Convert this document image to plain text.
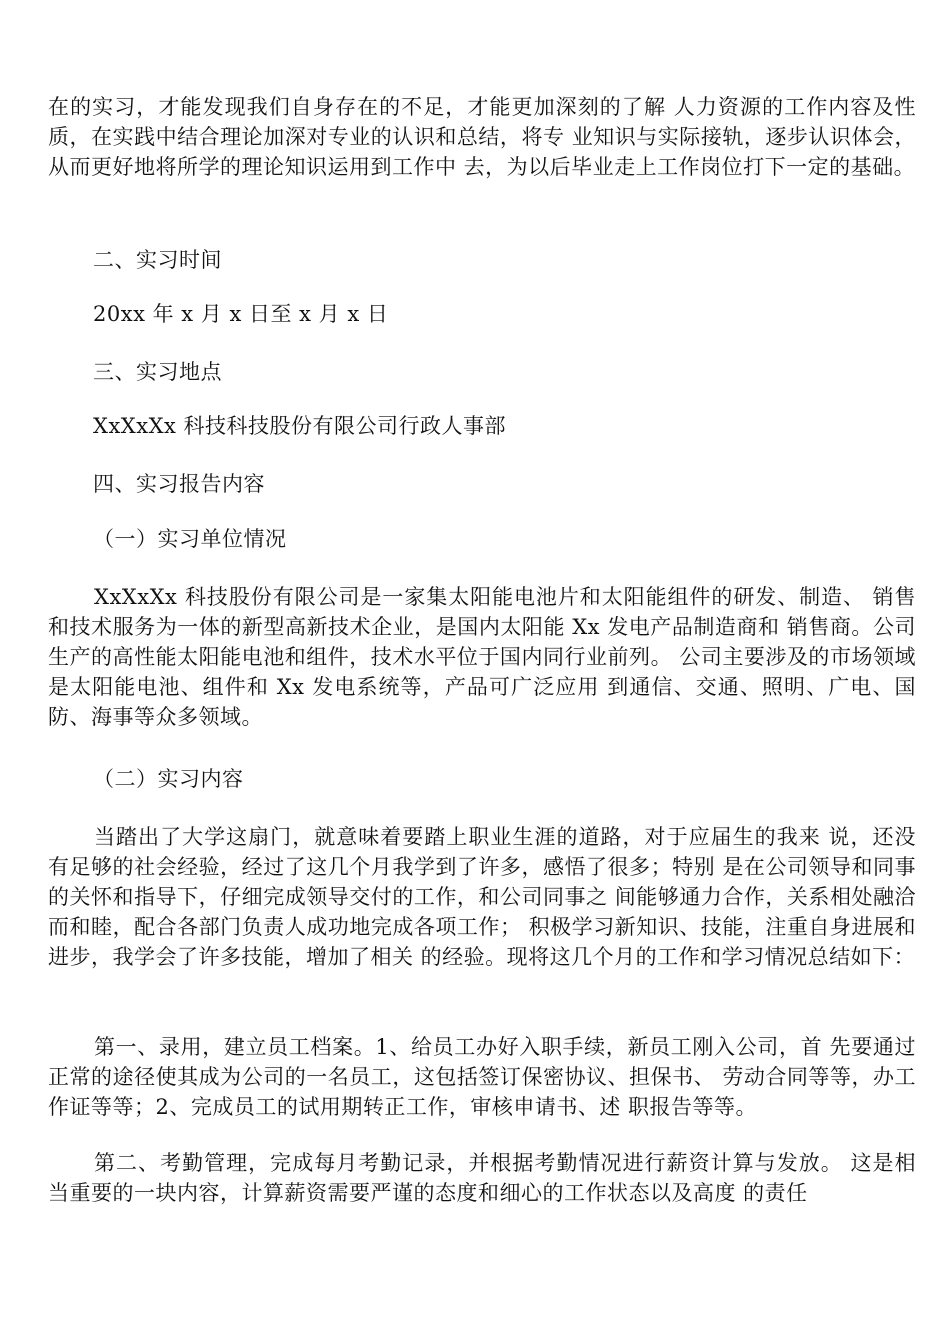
在的实习，才能发现我们自身存在的不足，才能更加深刻的了解 人力资源的工作内容及性质，在实践中结合理论加深对专业的认识和总结，将专 业知识与实际接轨，逐步认识体会，从而更好地将所学的理论知识运用到工作中 去，为以后毕业走上工作岗位打下一定的基础。

二、实习时间

20xx 年 x 月 x 日至 x 月 x 日

三、实习地点

XxXxXx 科技科技股份有限公司行政人事部

四、实习报告内容

（一）实习单位情况

XxXxXx 科技股份有限公司是一家集太阳能电池片和太阳能组件的研发、制造、 销售和技术服务为一体的新型高新技术企业，是国内太阳能 Xx 发电产品制造商和 销售商。公司生产的高性能太阳能电池和组件，技术水平位于国内同行业前列。 公司主要涉及的市场领域是太阳能电池、组件和 Xx 发电系统等，产品可广泛应用 到通信、交通、照明、广电、国防、海事等众多领域。

（二）实习内容

当踏出了大学这扇门，就意味着要踏上职业生涯的道路，对于应届生的我来 说，还没有足够的社会经验，经过了这几个月我学到了许多，感悟了很多；特别 是在公司领导和同事的关怀和指导下，仔细完成领导交付的工作，和公司同事之 间能够通力合作，关系相处融洽而和睦，配合各部门负责人成功地完成各项工作； 积极学习新知识、技能，注重自身进展和进步，我学会了许多技能，增加了相关 的经验。现将这几个月的工作和学习情况总结如下：

第一、录用，建立员工档案。1、给员工办好入职手续，新员工刚入公司，首 先要通过正常的途径使其成为公司的一名员工，这包括签订保密协议、担保书、 劳动合同等等，办工作证等等；2、完成员工的试用期转正工作，审核申请书、述 职报告等等。

第二、考勤管理，完成每月考勤记录，并根据考勤情况进行薪资计算与发放。 这是相当重要的一块内容，计算薪资需要严谨的态度和细心的工作状态以及高度 的责任
